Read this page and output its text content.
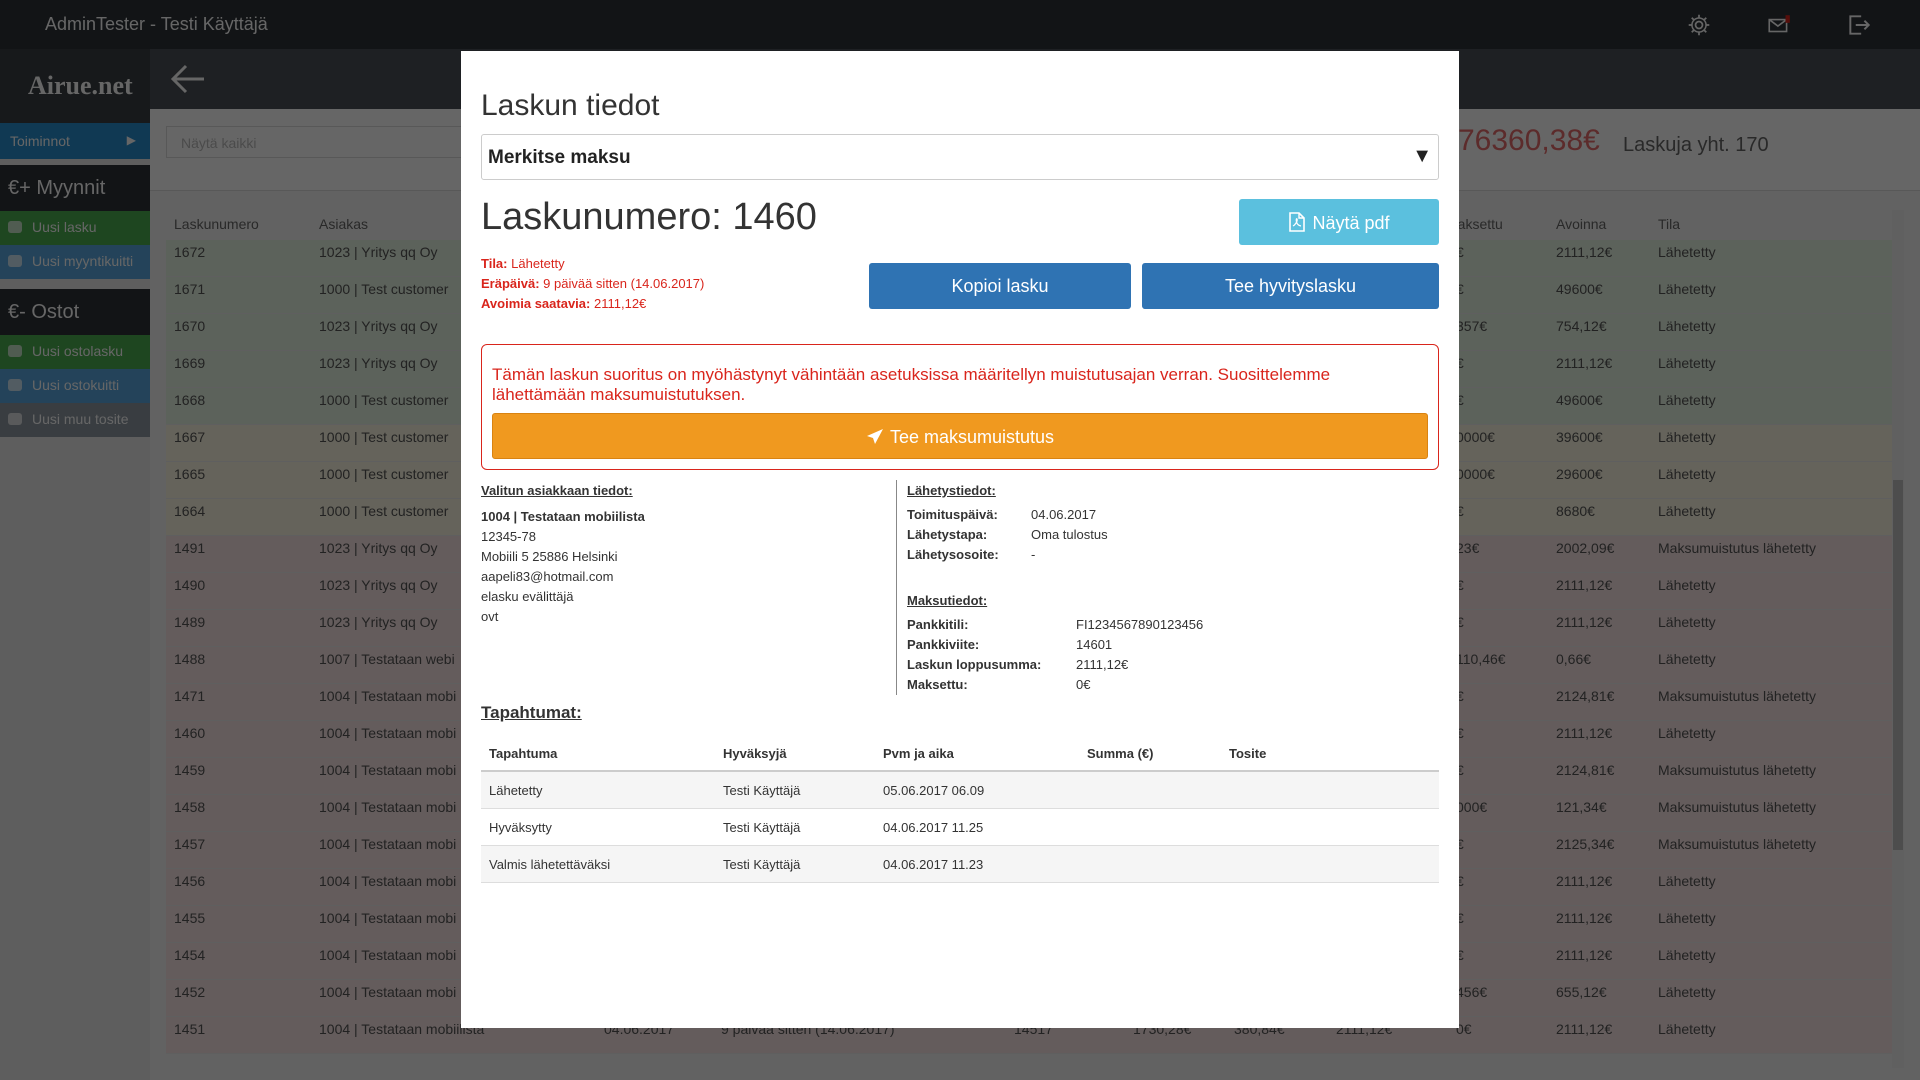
Laskun tiedot
Merkitse maksu	▼
Laskunumero: 1460	Näytä pdf
Tila: Lähetetty
Eräpäivä: 9 päivää sitten (14.06.2017)
Avoimia saatavia: 2111,12€
Kopioi lasku	Tee hyvityslasku
Tämän laskun suoritus on myöhästynyt vähintään asetuksissa määritellyn muistutusajan verran. Suosittelemme lähettämään maksumuistutuksen.
Tee maksumuistutus
Valitun asiakkaan tiedot:
1004 | Testataan mobiilista
12345-78
Mobiili 5 25886 Helsinki
aapeli83@hotmail.com
elasku evälittäjä
ovt
Lähetystiedot:
Toimituspäivä:	04.06.2017
Lähetystapa:	Oma tulostus
Lähetysosoite: -
Maksutiedot:
Pankkitili:	FI1234567890123456
Pankkiviite:	14601
Laskun loppusumma:	2111,12€
Maksettu:	0€
Tapahtumat:
Tapahtuma	Hyväksyjä	Pvm ja aika	Summa (€)	Tosite
Lähetetty	Testi Käyttäjä	05.06.2017 06.09
Hyväksytty	Testi Käyttäjä	04.06.2017 11.25
Valmis lähetettäväksi	Testi Käyttäjä	04.06.2017 11.23
